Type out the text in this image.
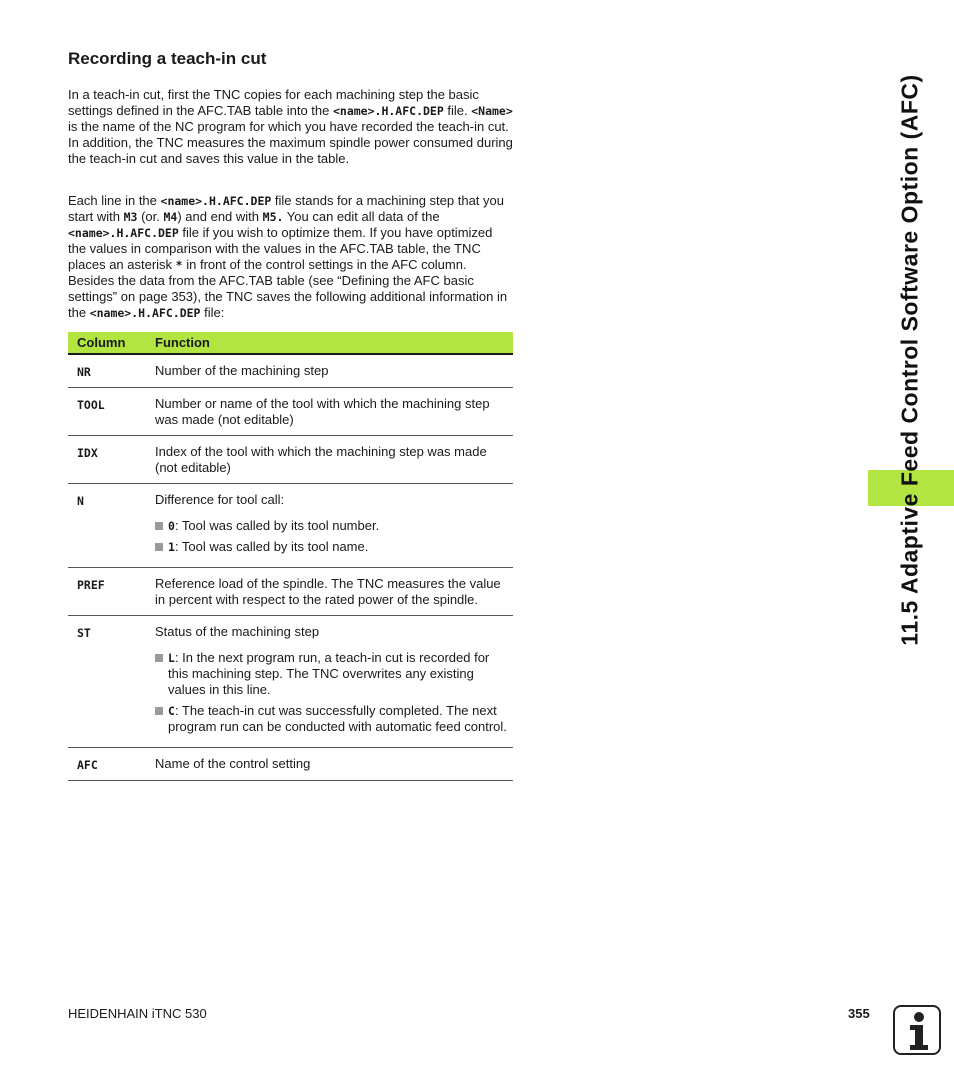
Recording a teach-in cut

In a teach-in cut, first the TNC copies for each machining step the basic settings defined in the AFC.TAB table into the <name>.H.AFC.DEP file. <Name> is the name of the NC program for which you have recorded the teach-in cut. In addition, the TNC measures the maximum spindle power consumed during the teach-in cut and saves this value in the table.

Each line in the <name>.H.AFC.DEP file stands for a machining step that you start with M3 (or. M4) and end with M5. You can edit all data of the <name>.H.AFC.DEP file if you wish to optimize them. If you have optimized the values in comparison with the values in the AFC.TAB table, the TNC places an asterisk * in front of the control settings in the AFC column. Besides the data from the AFC.TAB table (see “Defining the AFC basic settings” on page 353), the TNC saves the following additional information in the <name>.H.AFC.DEP file:

Column	Function
NR	Number of the machining step
TOOL	Number or name of the tool with which the machining step was made (not editable)
IDX	Index of the tool with which the machining step was made (not editable)
N	Difference for tool call:
0: Tool was called by its tool number.
1: Tool was called by its tool name.
PREF	Reference load of the spindle. The TNC measures the value in percent with respect to the rated power of the spindle.
ST	Status of the machining step
L: In the next program run, a teach-in cut is recorded for this machining step. The TNC overwrites any existing values in this line.
C: The teach-in cut was successfully completed. The next program run can be conducted with automatic feed control.
AFC	Name of the control setting
11.5 Adaptive Feed Control Software Option (AFC)
HEIDENHAIN iTNC 530	355
